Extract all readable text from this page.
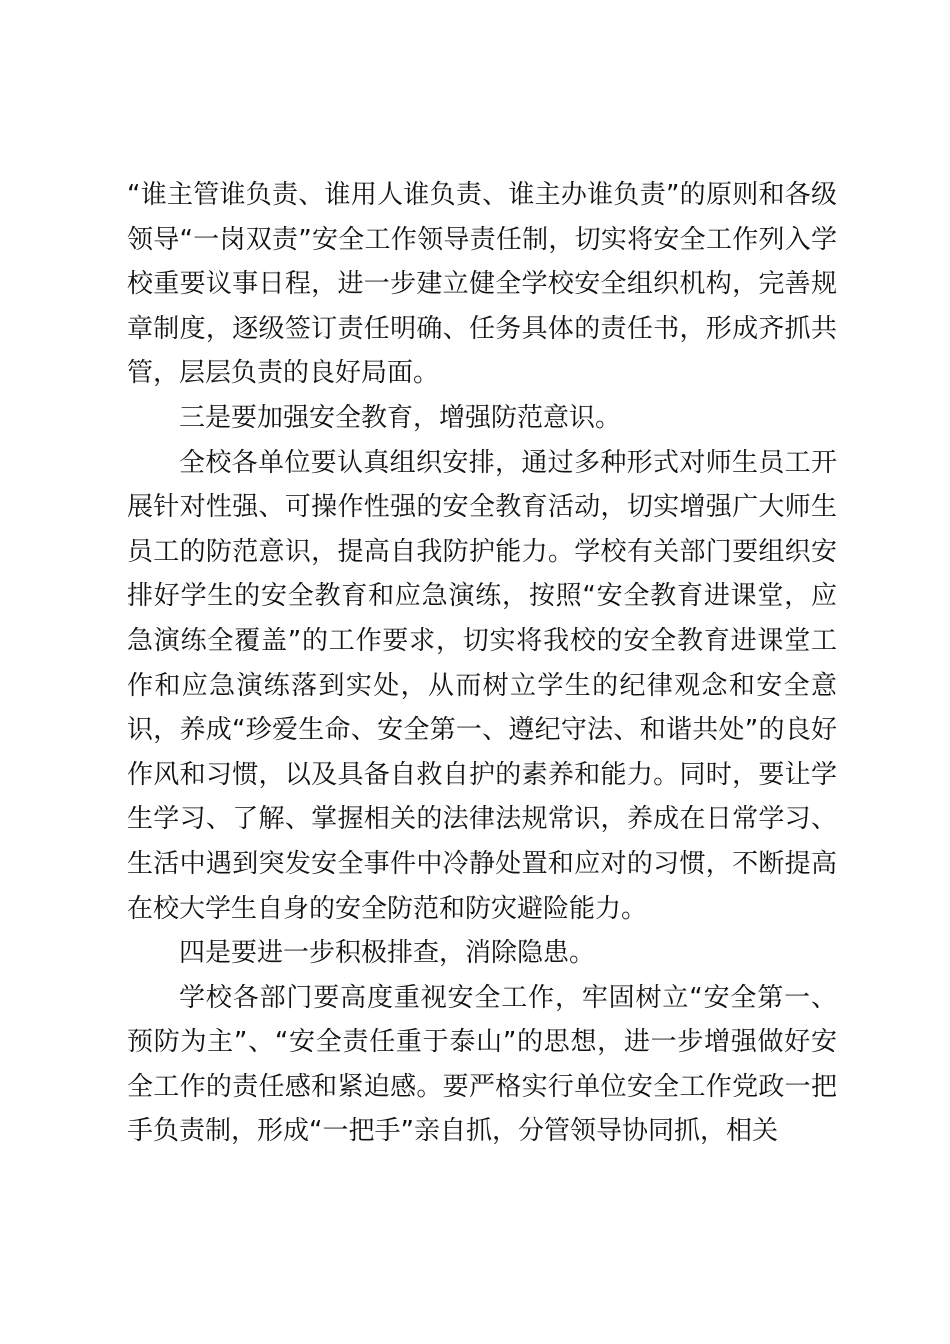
“谁主管谁负责、谁用人谁负责、谁主办谁负责”的原则和各级领导“一岗双责”安全工作领导责任制，切实将安全工作列入学校重要议事日程，进一步建立健全学校安全组织机构，完善规章制度，逐级签订责任明确、任务具体的责任书，形成齐抓共管，层层负责的良好局面。

三是要加强安全教育，增强防范意识。

全校各单位要认真组织安排，通过多种形式对师生员工开展针对性强、可操作性强的安全教育活动，切实增强广大师生员工的防范意识，提高自我防护能力。学校有关部门要组织安排好学生的安全教育和应急演练，按照“安全教育进课堂，应急演练全覆盖”的工作要求，切实将我校的安全教育进课堂工作和应急演练落到实处，从而树立学生的纪律观念和安全意识，养成“珍爱生命、安全第一、遵纪守法、和谐共处”的良好作风和习惯，以及具备自救自护的素养和能力。同时，要让学生学习、了解、掌握相关的法律法规常识，养成在日常学习、生活中遇到突发安全事件中冷静处置和应对的习惯，不断提高在校大学生自身的安全防范和防灾避险能力。

四是要进一步积极排查，消除隐患。

学校各部门要高度重视安全工作，牢固树立“安全第一、预防为主”、“安全责任重于泰山”的思想，进一步增强做好安全工作的责任感和紧迫感。要严格实行单位安全工作党政一把手负责制，形成“一把手”亲自抓，分管领导协同抓，相关
